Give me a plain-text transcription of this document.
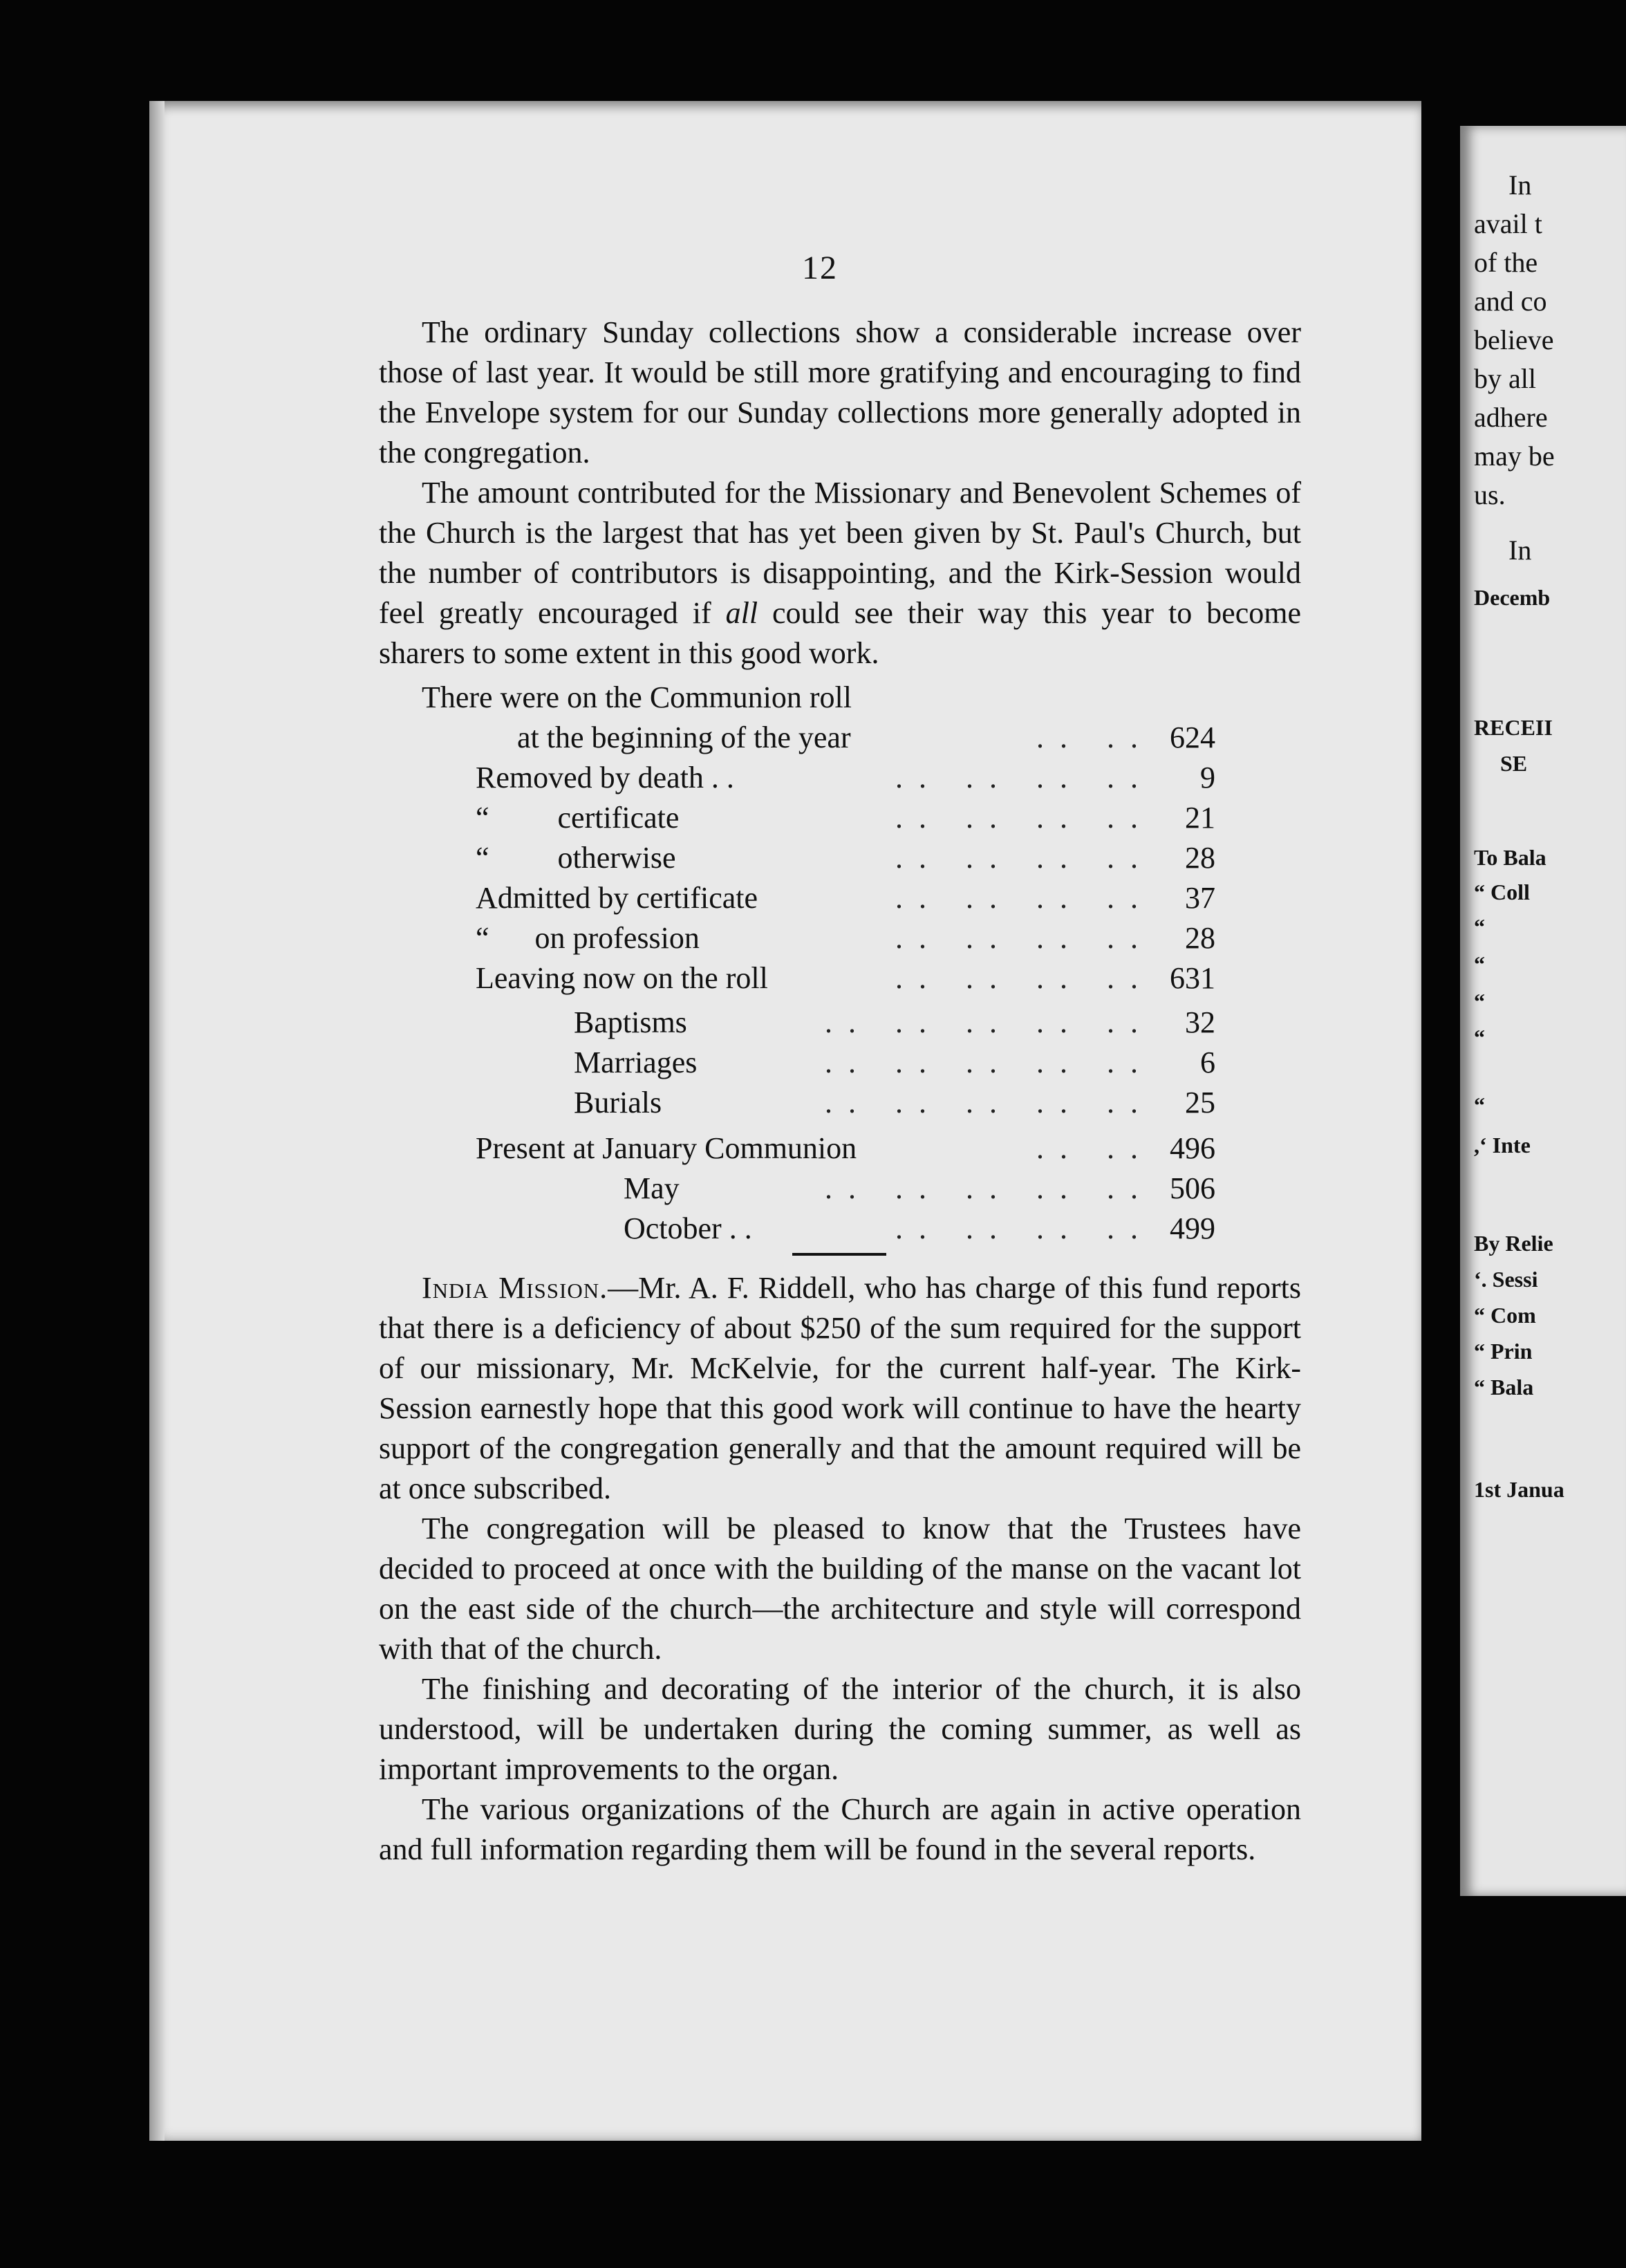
12

The ordinary Sunday collections show a considerable increase over those of last year. It would be still more gratifying and encouraging to find the Envelope system for our Sunday collections more generally adopted in the congregation.

The amount contributed for the Missionary and Benevolent Schemes of the Church is the largest that has yet been given by St. Paul's Church, but the number of contributors is disappointing, and the Kirk-Session would feel greatly encouraged if all could see their way this year to become sharers to some extent in this good work.

There were on the Communion roll

at the beginning of the year	. .   . . 624
Removed by death . .	. .   . .   . .   . .	9
“         certificate	. .   . .   . .   . .	21
“         otherwise	. .   . .   . .   . .	28
Admitted by certificate	. .   . .   . .   . .	37
“      on profession	. .   . .   . .   . .	28
Leaving now on the roll	. .   . .   . .   . . 631
Baptisms	. .   . .   . .   . .   . .	32
Marriages	. .   . .   . .   . .   . .	6
Burials	. .   . .   . .   . .   . .	25
Present at January Communion	. .   . . 496
May	. .   . .   . .   . .   . . 506
October . .	. .   . .   . .   . . 499

India Mission.—Mr. A. F. Riddell, who has charge of this fund reports that there is a deficiency of about $250 of the sum required for the support of our missionary, Mr. McKelvie, for the current half-year. The Kirk-Session earnestly hope that this good work will continue to have the hearty support of the congregation generally and that the amount required will be at once subscribed.

The congregation will be pleased to know that the Trustees have decided to proceed at once with the building of the manse on the vacant lot on the east side of the church—the architecture and style will correspond with that of the church.

The finishing and decorating of the interior of the church, it is also understood, will be undertaken during the coming summer, as well as important improvements to the organ.

The various organizations of the Church are again in active operation and full information regarding them will be found in the several reports.

In
avail t
of the
and co
believe
by all
adhere
may be
us.
In
Decemb
RECEII
SE
To Bala
“ Coll
“
“
“
“
“
,‘ Inte
By Relie
‘. Sessi
“ Com
“ Prin
“ Bala
1st Janua
